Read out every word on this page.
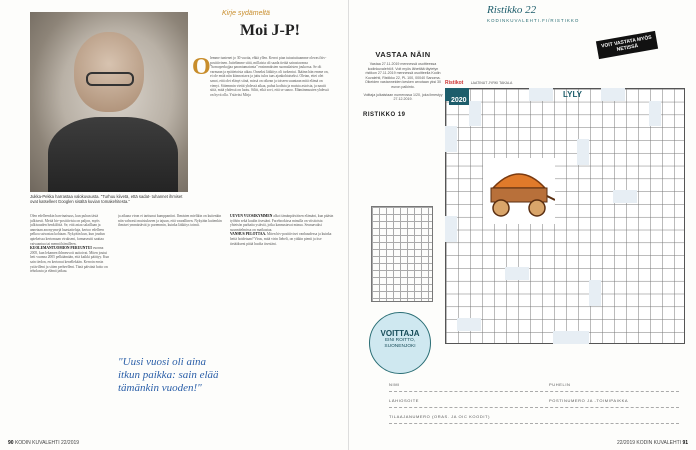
Jukka-Pekka harrastaa valokuvausta. "Turhuu kiivetä, että sadat- tuhannet ihmiset ovat katselleet Googlen sisältä kuvian tomakehitesta."
Kirje sydämeltä
Moi J-P!
O lemme tuntenet jo 30 vuotta, ehkä yllen. Kerrot pian tutustuttuamme olevasi hiv-positiivinen. Juttelimme siitä, millaista oli saada tietää sairastavansa "homoperkajjaa parantumatonta" ensimmäisten suomalaisten joukossa. Se oli varmaan ja epätietoista aikaa. Onneksi lääkitys oli tarkentui. Ikäänn hän emme on, ei ole enää niin kiinnostava ja juttu tulos taas ajankohtaiseksi. Oletan, ettei olet sanot, että olet elänyt siinä, missä on oikean ja toiseen suuntaan mitä elämä on vienyt. Sittemmin vietät yhdessä aikaa, puhut kodista ja muista asioista, ja nautit siitä, mitä yhdessä on luotu. Silitt, eikä sovi, että se sanoo. Elämänmuuten yhdessä on hyvä olla. Ystäväsi Mirja
Olen edelleenkin harvinaisuus, kun puhun tästä julkisesti. Meitä hiv-positiivisia on paljon, myös julkisuuden henkilöitä. Se, että asiaa salaillaan ja annetaan anonyymejä haastatteluja, kertoo edelleen pelkoa saivastaa kohtaan. Nykyään kun, kun joudun aptekeissa kertomaan virukseni, farmaseutti saattaa vaivaantua tai mennä hämilleen.
KUOLEMANTUOMION PERUUNTUI vuonna 2005, kun lekamen ihlmeuvoit auttoivat. Miten joutui heti vuonna 2005 pelkäämään, että kaikki päättyy. Kun sain tiedon, en kertonut kenellekään. Kerroin ensin ystävilleni ja sitten perheelleni. Tänä päivänä hoito on tehokasta ja elämä jatkuu.
ja aikana viron ei tarttunut kumppaniini. Ihmisten mielikin on kuitenkin niin vahvasti muistukseen ja tajuun, että vaarallinen. Nykyään kuitenkin ihmiset ymmärtävät jo paremmin, kuinka lääkitys toimii.
"Uusi vuosi oli aina itkun paikka: sain elää tämänkin vuoden!"
UUVUN VUOSIKYMMEN alkoi tämänpäiväisen elämäni, kun pääsin työhön sekä kuulin itsestäni. Facebookissa minulla on viisitoista yhteisön parhaita ystäviä, jotka kannustavat minua. Seuraavaksi suunnitelmissa on matkustaa.
VANHUS PELOTTAA. Miten hiv-positiiviset vanhuudessa ja kuinka heitä hoidetaan? Virus, mitä virin lieheli, on ytäkin pienii ja itse tietääkseni pitää huolta itsestäni.
90 KODIN KUVALEHTI 22/2019
Ristikko 22
KODINKUVALEHTI.FI/RISTIKKO
VOIT VASTATA MYÖS NETISSÄ
VASTAA NÄIN

Vastaa 27.11.2019 mennessä osoitteessa kodinkuvalehti.fi. Voit myös lähettää täytetyn ristikon 27.11.2019 mennessä osoitteella Kodin Kuvalehti, Ristikko 22, PL 100, 00040 Sanoma. Oikeiden vastanneiden kesken arvotaan yksi 30 euron palkinto.

Voittaja julkaistaan numerossa 1/20, joka ilmestyy 27.12.2019.

RISTIKKO 19
VOITTAJA
EINI ROITTO, SUONENJOKI
Ristikot LAATINUT JYRKI TAKALA
2020
LYLY
NIMI	PUHELIN
LÄHIOSOITE	POSTINUMERO JA -TOIMIPAIKKA
TILAAJANUMERO (ORAS. JA OIC KOODIT)
22/2019 KODIN KUVALEHTI 91
